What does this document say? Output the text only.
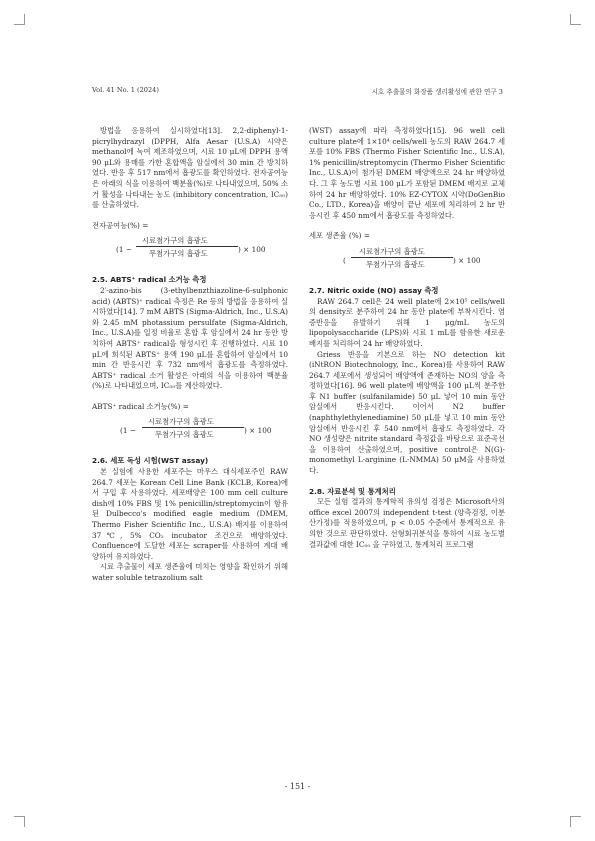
Vol. 41 No. 1 (2024)	시호 추출물의 화장품 생리활성에 관한 연구 3

방법을 응용하여 실시하였다[13]. 2,2-diphenyl-1-picrylhydrazyl (DPPH, Alfa Aesar (U.S.A) 시약은 methanol에 녹여 제조하였으며, 시료 10 μL에 DPPH 용액 90 μL와 용매를 가한 혼합액을 암실에서 30 min 간 방치하였다. 반응 후 517 nm에서 흡광도를 확인하였다. 전자공여능은 아래의 식을 이용하여 백분율(%)로 나타내었으며, 50% 소거 활성을 나타내는 농도 (inhibitory concentration, IC₅₀)를 산출하였다.

전자공여능(%) =

(1 −
시료첨가구의 흡광도
무첨가구의 흡광도	) × 100

2.5. ABTS⁺ radical 소거능 측정

2′-azino-bis (3-ethylbenzthiazoline-6-sulphonic acid) (ABTS)⁺ radical 측정은 Re 등의 방법을 응용하여 실시하였다[14]. 7 mM ABTS (Sigma-Aldrich, Inc., U.S.A)와 2.45 mM photassium persulfate (Sigma-Aldrich, Inc., U.S.A)를 일정 비율로 혼합 후 암실에서 24 hr 동안 방치하여 ABTS⁺ radical을 형성시킨 후 진행하였다. 시료 10 μL에 희석된 ABTS⁺ 용액 190 μL를 혼합하여 암실에서 10 min 간 반응시킨 후 732 nm에서 흡광도를 측정하였다. ABTS⁺ radical 소거 활성은 아래의 식을 이용하여 백분율(%)로 나타내었으며, IC₅₀를 계산하였다.

ABTS⁺ radical 소거능(%) =

(1 −
시료첨가구의 흡광도
무첨가구의 흡광도	) × 100

2.6. 세포 독성 시험(WST assay)

본 실험에 사용한 세포주는 마우스 대식세포주인 RAW 264.7 세포는 Korean Cell Line Bank (KCLB, Korea)에서 구입 후 사용하였다. 세포배양은 100 mm cell culture dish에 10% FBS 및 1% penicillin/streptomycin이 함유된 Dulbecco's modified eagle medium (DMEM, Thermo Fisher Scientific Inc., U.S.A) 배지를 이용하여 37℃, 5% CO₂ incubator 조건으로 배양하였다. Confluence에 도달한 세포는 scraper를 사용하여 계대 배양하여 유지하였다.

시료 추출물이 세포 생존율에 미치는 영향을 확인하기 위해 water soluble tetrazolium salt

(WST) assay에 따라 측정하였다[15]. 96 well cell culture plate에 1×10⁴ cells/well 농도의 RAW 264.7 세포를 10% FBS (Thermo Fisher Scientific Inc., U.S.A), 1% penicillin/streptomycin (Thermo Fisher Scientific Inc., U.S.A)이 첨가된 DMEM 배양액으로 24 hr 배양하였다. 그 후 농도별 시료 100 μL가 포함된 DMEM 배지로 교체하여 24 hr 배양하였다. 10% EZ-CYTOX 시약(DoGenBio Co., LTD., Korea)을 배양이 끝난 세포에 처리하여 2 hr 반응시킨 후 450 nm에서 흡광도를 측정하였다.

세포 생존율 (%) =

(
시료첨가구의 흡광도
무첨가구의 흡광도	) × 100

2.7. Nitric oxide (NO) assay 측정

RAW 264.7 cell은 24 well plate에 2×10⁵ cells/well의 density로 분주하여 24 hr 동안 plate에 부착시킨다. 염증반응을 유발하기 위해 1 μg/mL 농도의 lipopolysaccharide (LPS)와 시료 1 mL를 함유한 새로운 배지를 처리하여 24 hr 배양하였다.

Griess 반응을 기본으로 하는 NO detection kit (iNtRON Biotechnology, Inc., Korea)를 사용하여 RAW 264.7 세포에서 생성되어 배양액에 존재하는 NO의 양을 측정하였다[16]. 96 well plate에 배양액을 100 μL씩 분주한 후 N1 buffer (sulfanilamide) 50 μL 넣어 10 min 동안 암실에서 반응시킨다. 이어서 N2 buffer (naphthylethylenediamine) 50 μL를 넣고 10 min 동안 암실에서 반응시킨 후 540 nm에서 흡광도 측정하였다. 각 NO 생성량은 nitrite standard 측정값을 바탕으로 표준곡선을 이용하여 산출하였으며, positive control은 N(G)-monomethyl L-arginine (L-NMMA) 50 μM을 사용하였다.

2.8. 자료분석 및 통계처리

모든 실험 결과의 통계학적 유의성 검정은 Microsoft사의 office excel 2007의 independent t-test (양측검정, 이분산가정)를 적용하였으며, p < 0.05 수준에서 통계적으로 유의한 것으로 판단하였다. 선형회귀분석을 통하여 시료 농도별 결과값에 대한 IC₅₀ 을 구하였고, 통계처리 프로그램

- 151 -
